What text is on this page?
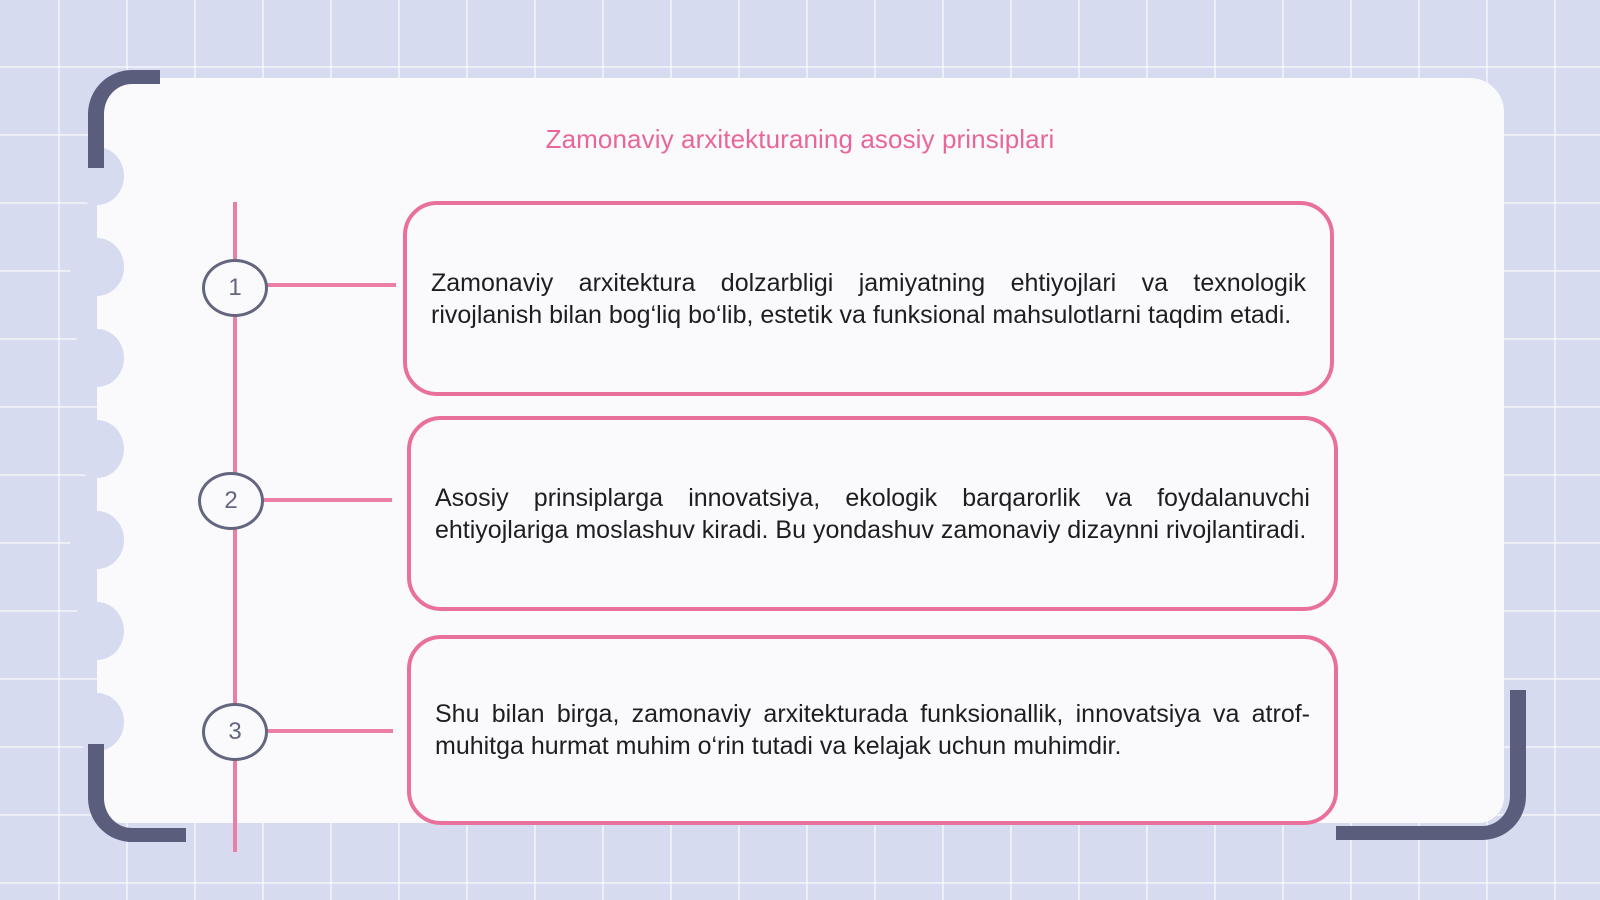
Zamonaviy arxitekturaning asosiy prinsiplari
1
2
3
Zamonaviy arxitektura dolzarbligi jamiyatning ehtiyojlari va texnologik rivojlanish bilan bog‘liq bo‘lib, estetik va funksional mahsulotlarni taqdim etadi.
Asosiy prinsiplarga innovatsiya, ekologik barqarorlik va foydalanuvchi ehtiyojlariga moslashuv kiradi. Bu yondashuv zamonaviy dizaynni rivojlantiradi.
Shu bilan birga, zamonaviy arxitekturada funksionallik, innovatsiya va atrof-muhitga hurmat muhim o‘rin tutadi va kelajak uchun muhimdir.
